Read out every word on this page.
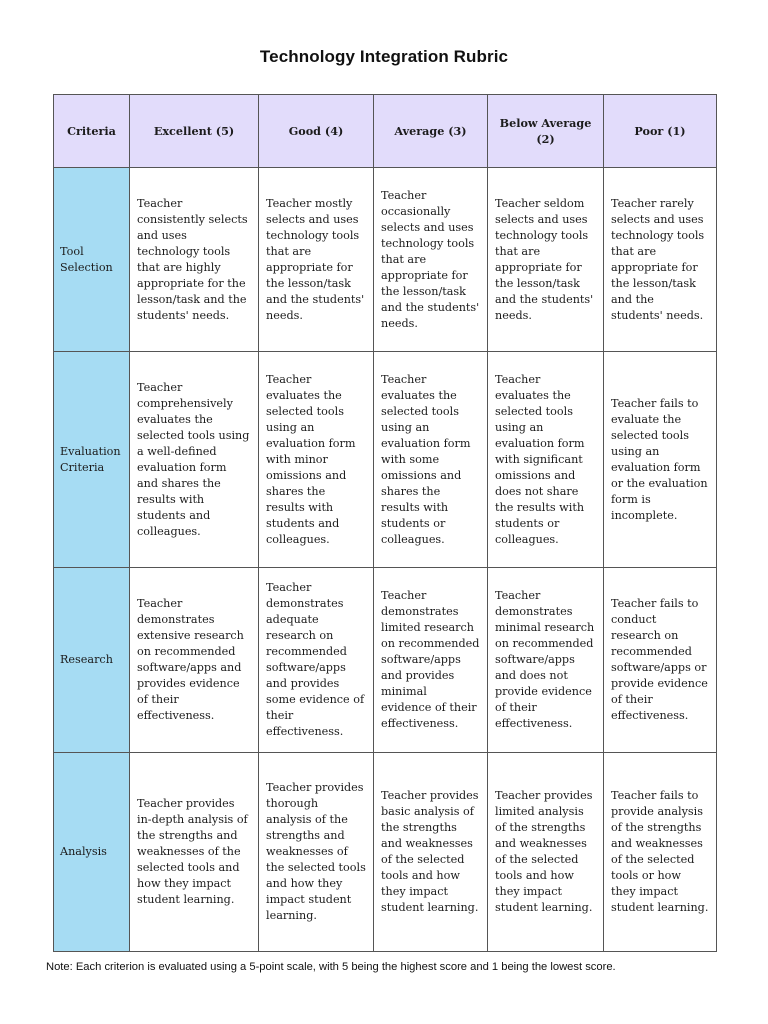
Technology Integration Rubric
Criteria	Excellent (5)	Good (4)	Average (3)	Below Average (2)	Poor (1)
Tool Selection	Teacher consistently selects and uses technology tools that are highly appropriate for the lesson/task and the students' needs.	Teacher mostly selects and uses technology tools that are appropriate for the lesson/task and the students' needs.	Teacher occasionally selects and uses technology tools that are appropriate for the lesson/task and the students' needs.	Teacher seldom selects and uses technology tools that are appropriate for the lesson/task and the students' needs.	Teacher rarely selects and uses technology tools that are appropriate for the lesson/task and the students' needs.
Evaluation Criteria	Teacher comprehensively evaluates the selected tools using a well-defined evaluation form and shares the results with students and colleagues.	Teacher evaluates the selected tools using an evaluation form with minor omissions and shares the results with students and colleagues.	Teacher evaluates the selected tools using an evaluation form with some omissions and shares the results with students or colleagues.	Teacher evaluates the selected tools using an evaluation form with significant omissions and does not share the results with students or colleagues.	Teacher fails to evaluate the selected tools using an evaluation form or the evaluation form is incomplete.
Research	Teacher demonstrates extensive research on recommended software/apps and provides evidence of their effectiveness.	Teacher demonstrates adequate research on recommended software/apps and provides some evidence of their effectiveness.	Teacher demonstrates limited research on recommended software/apps and provides minimal evidence of their effectiveness.	Teacher demonstrates minimal research on recommended software/apps and does not provide evidence of their effectiveness.	Teacher fails to conduct research on recommended software/apps or provide evidence of their effectiveness.
Analysis	Teacher provides in-depth analysis of the strengths and weaknesses of the selected tools and how they impact student learning.	Teacher provides thorough analysis of the strengths and weaknesses of the selected tools and how they impact student learning.	Teacher provides basic analysis of the strengths and weaknesses of the selected tools and how they impact student learning.	Teacher provides limited analysis of the strengths and weaknesses of the selected tools and how they impact student learning.	Teacher fails to provide analysis of the strengths and weaknesses of the selected tools or how they impact student learning.
Note: Each criterion is evaluated using a 5-point scale, with 5 being the highest score and 1 being the lowest score.
